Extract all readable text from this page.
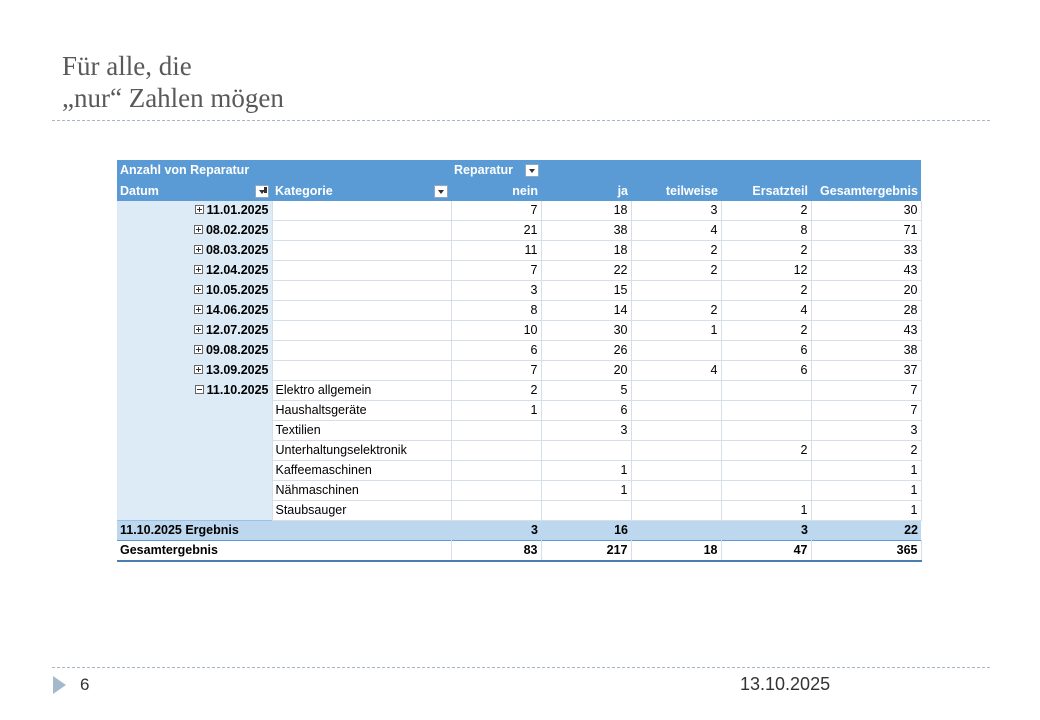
Für alle, die
„nur“ Zahlen mögen
Anzahl von Reparatur		Reparatur				
Datum	Kategorie	nein	ja	teilweise	Ersatzteil	Gesamtergebnis
11.01.2025		7	18	3	2	30
08.02.2025		21	38	4	8	71
08.03.2025		11	18	2	2	33
12.04.2025		7	22	2	12	43
10.05.2025		3	15		2	20
14.06.2025		8	14	2	4	28
12.07.2025		10	30	1	2	43
09.08.2025		6	26		6	38
13.09.2025		7	20	4	6	37
11.10.2025	Elektro allgemein	2	5			7
	Haushaltsgeräte	1	6			7
	Textilien		3			3
	Unterhaltungselektronik				2	2
	Kaffeemaschinen		1			1
	Nähmaschinen		1			1
	Staubsauger				1	1
11.10.2025 Ergebnis		3	16		3	22
Gesamtergebnis		83	217	18	47	365
6	13.10.2025
